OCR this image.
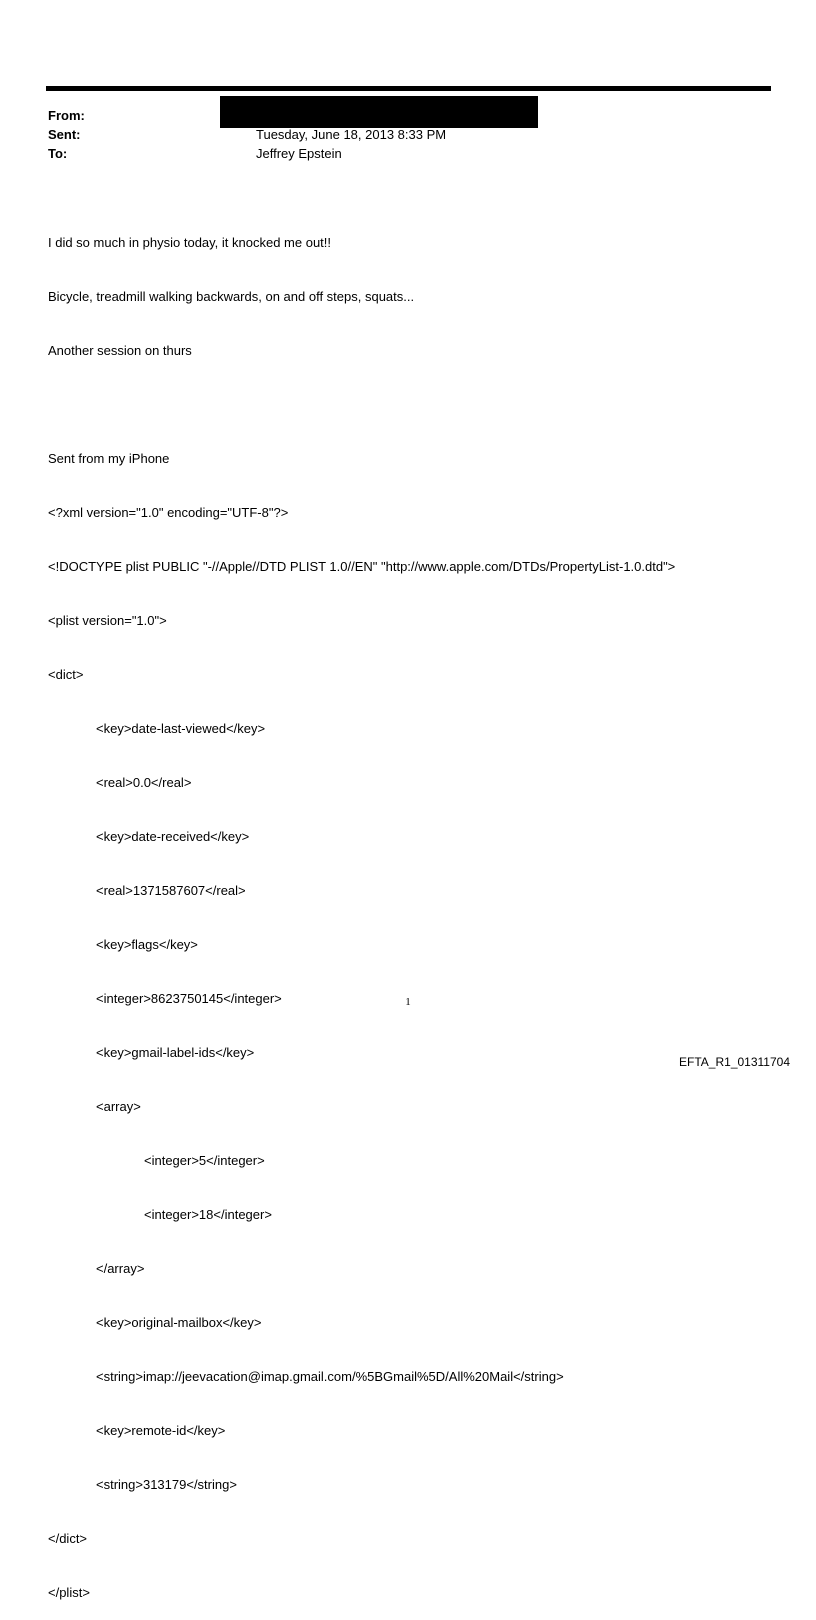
From:
Sent:	Tuesday, June 18, 2013 8:33 PM
To:	Jeffrey Epstein

I did so much in physio today, it knocked me out!!

Bicycle, treadmill walking backwards, on and off steps, squats...

Another session on thurs

Sent from my iPhone

<?xml version="1.0" encoding="UTF-8"?>

<!DOCTYPE plist PUBLIC "-//Apple//DTD PLIST 1.0//EN" "http://www.apple.com/DTDs/PropertyList-1.0.dtd">

<plist version="1.0">

<dict>

<key>date-last-viewed</key>

<real>0.0</real>

<key>date-received</key>

<real>1371587607</real>

<key>flags</key>

<integer>8623750145</integer>

<key>gmail-label-ids</key>

<array>

<integer>5</integer>

<integer>18</integer>

</array>

<key>original-mailbox</key>

<string>imap://jeevacation@imap.gmail.com/%5BGmail%5D/All%20Mail</string>

<key>remote-id</key>

<string>313179</string>

</dict>

</plist>

1
EFTA_R1_01311704
